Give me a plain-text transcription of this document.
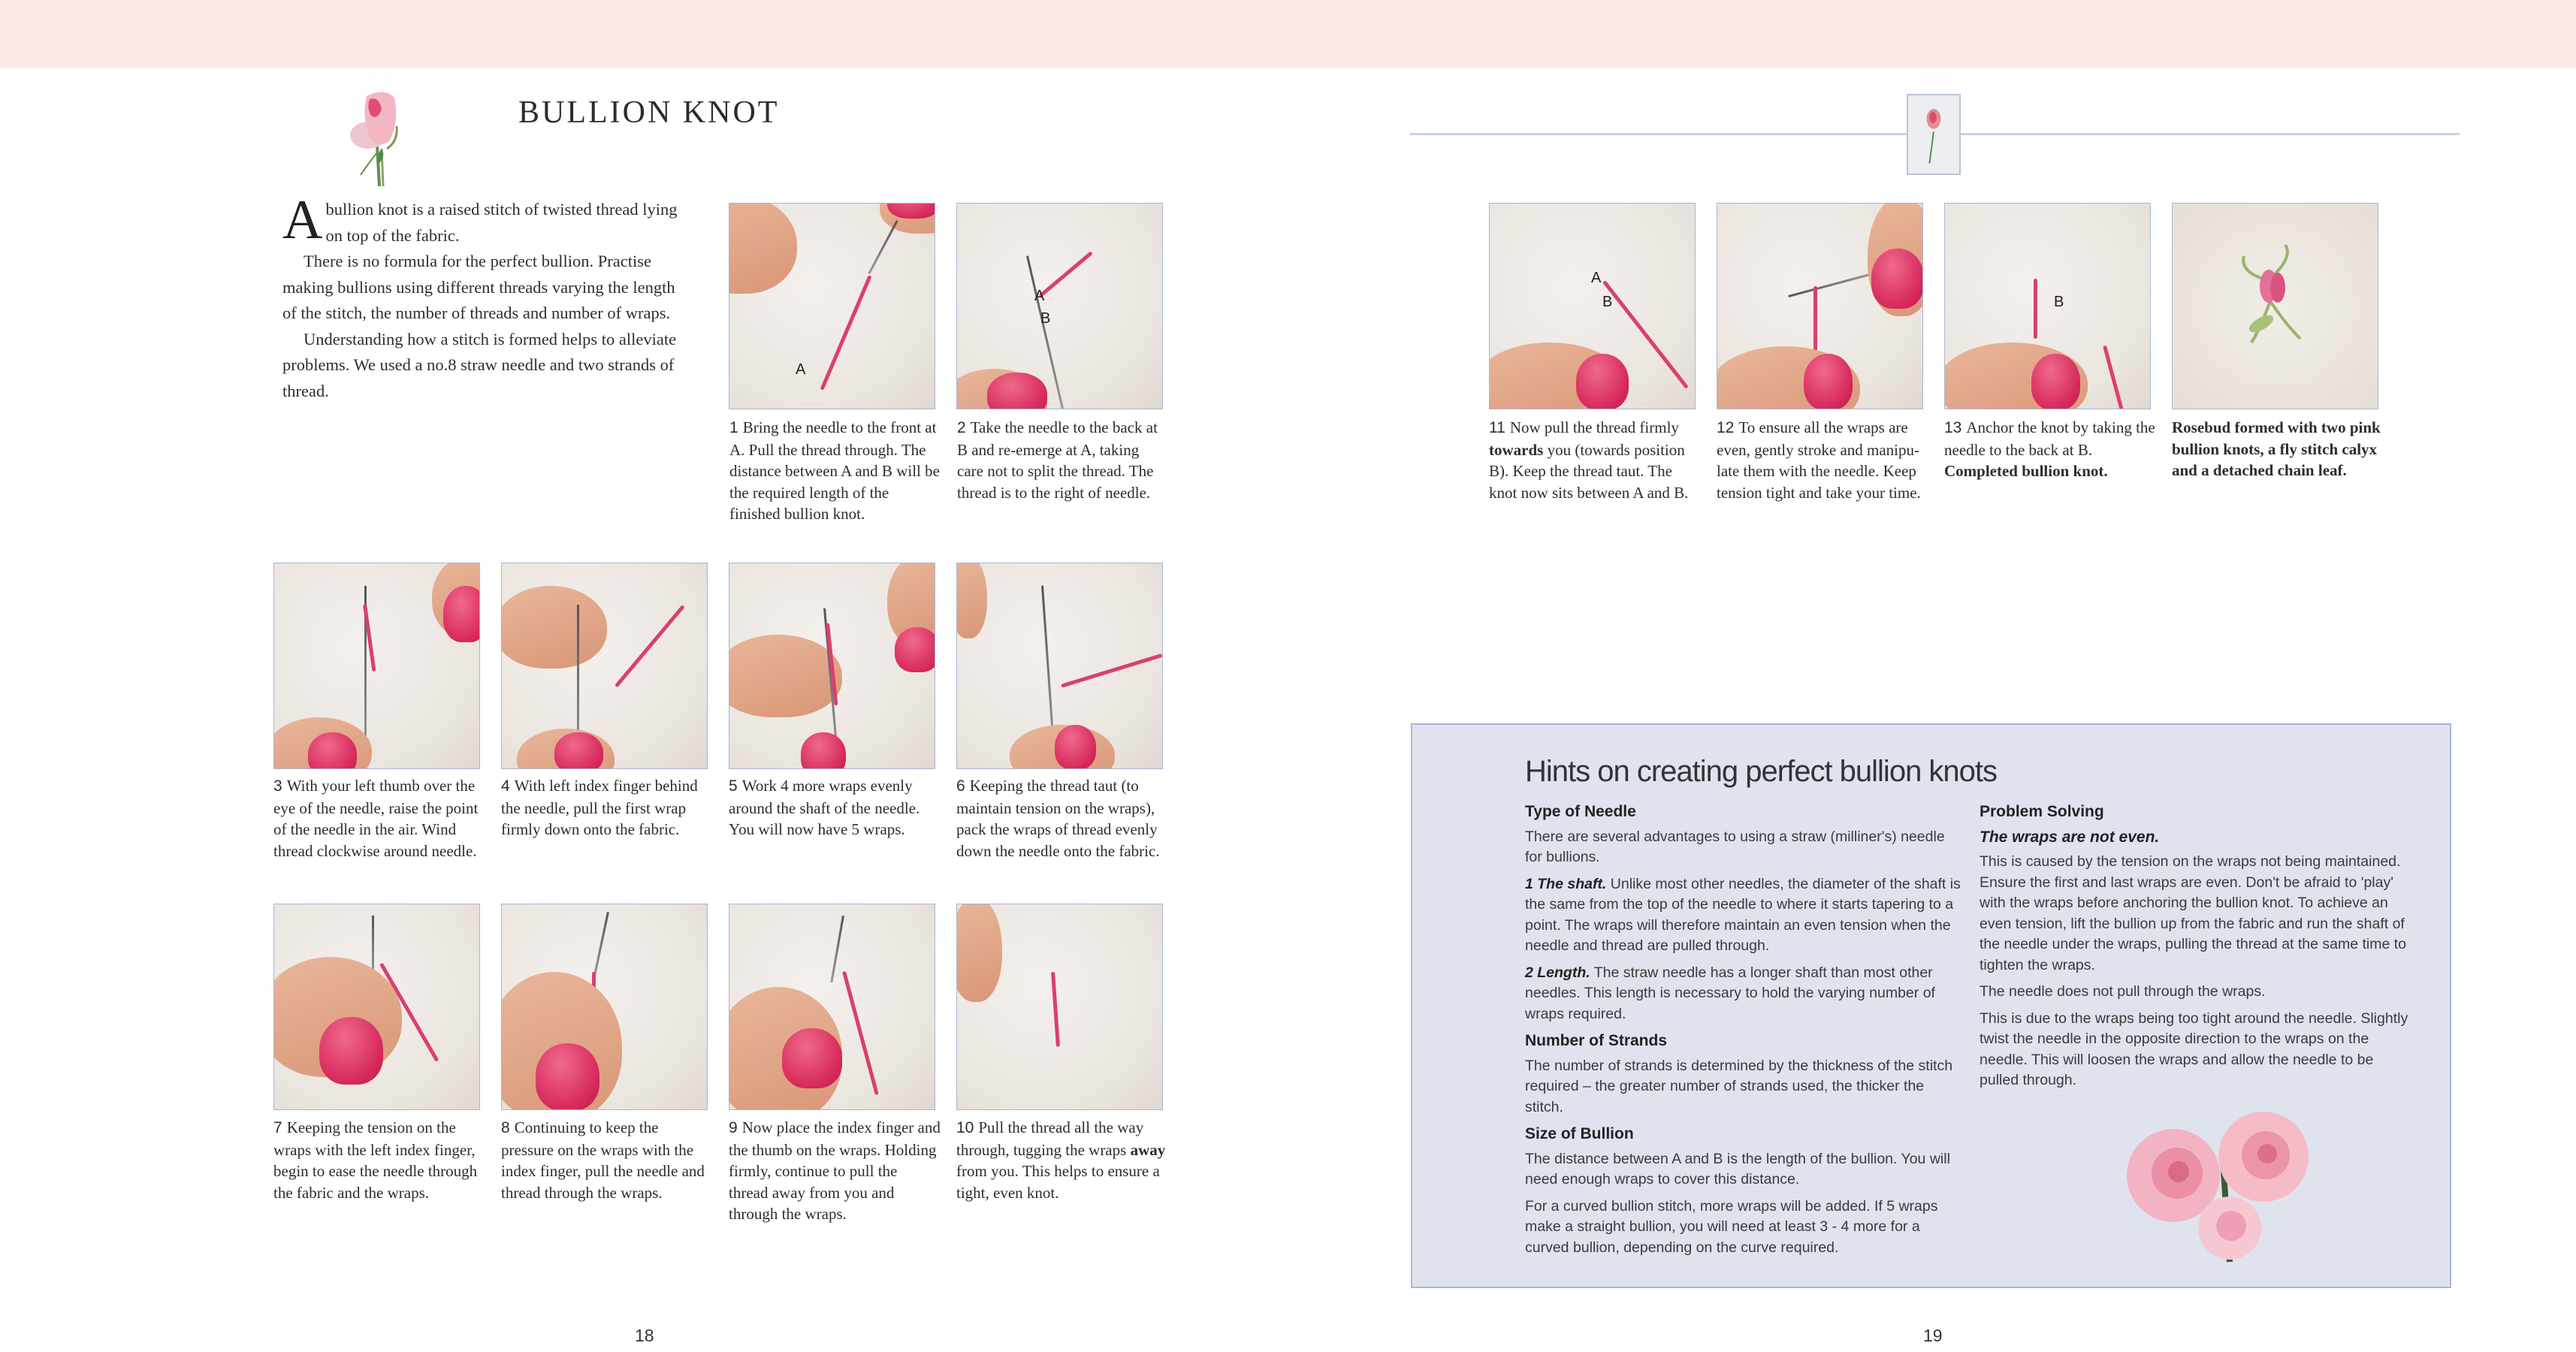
BULLION KNOT

Abullion knot is a raised stitch of twisted thread lying on top of the fabric.

There is no formula for the perfect bullion. Practise making bullions using different threads varying the length of the stitch, the number of threads and number of wraps.

Understanding how a stitch is formed helps to alleviate problems. We used a no.8 straw needle and two strands of thread.

A
1 Bring the needle to the front at A. Pull the thread through. The distance between A and B will be the required length of the finished bullion knot.
A
B
2 Take the needle to the back at B and re-emerge at A, taking care not to split the thread. The thread is to the right of needle.
3 With your left thumb over the eye of the needle, raise the point of the needle in the air. Wind thread clockwise around needle.
4 With left index finger behind the needle, pull the first wrap firmly down onto the fabric.
5 Work 4 more wraps evenly around the shaft of the needle. You will now have 5 wraps.
6 Keeping the thread taut (to maintain tension on the wraps), pack the wraps of thread evenly down the needle onto the fabric.
7 Keeping the tension on the wraps with the left index finger, begin to ease the needle through the fabric and the wraps.
8 Continuing to keep the pressure on the wraps with the index finger, pull the needle and thread through the wraps.
9 Now place the index finger and the thumb on the wraps. Holding firmly, continue to pull the thread away from you and through the wraps.
10 Pull the thread all the way through, tugging the wraps away from you. This helps to ensure a tight, even knot.
18
A
B
11 Now pull the thread firmly towards you (towards position B). Keep the thread taut. The knot now sits between A and B.
12 To ensure all the wraps are even, gently stroke and manipu-late them with the needle. Keep tension tight and take your time.
B
13 Anchor the knot by taking the needle to the back at B. Completed bullion knot.
Rosebud formed with two pink bullion knots, a fly stitch calyx and a detached chain leaf.
Hints on creating perfect bullion knots
Type of Needle

There are several advantages to using a straw (milliner's) needle for bullions.

1 The shaft. Unlike most other needles, the diameter of the shaft is the same from the top of the needle to where it starts tapering to a point. The wraps will therefore maintain an even tension when the needle and thread are pulled through.

2 Length. The straw needle has a longer shaft than most other needles. This length is necessary to hold the varying number of wraps required.

Number of Strands

The number of strands is determined by the thickness of the stitch required – the greater number of strands used, the thicker the stitch.

Size of Bullion

The distance between A and B is the length of the bullion. You will need enough wraps to cover this distance.

For a curved bullion stitch, more wraps will be added. If 5 wraps make a straight bullion, you will need at least 3 - 4 more for a curved bullion, depending on the curve required.

Problem Solving
The wraps are not even.

This is caused by the tension on the wraps not being maintained. Ensure the first and last wraps are even. Don't be afraid to 'play' with the wraps before anchoring the bullion knot. To achieve an even tension, lift the bullion up from the fabric and run the shaft of the needle under the wraps, pulling the thread at the same time to tighten the wraps.

The needle does not pull through the wraps.

This is due to the wraps being too tight around the needle. Slightly twist the needle in the opposite direction to the wraps on the needle. This will loosen the wraps and allow the needle to be pulled through.

19
